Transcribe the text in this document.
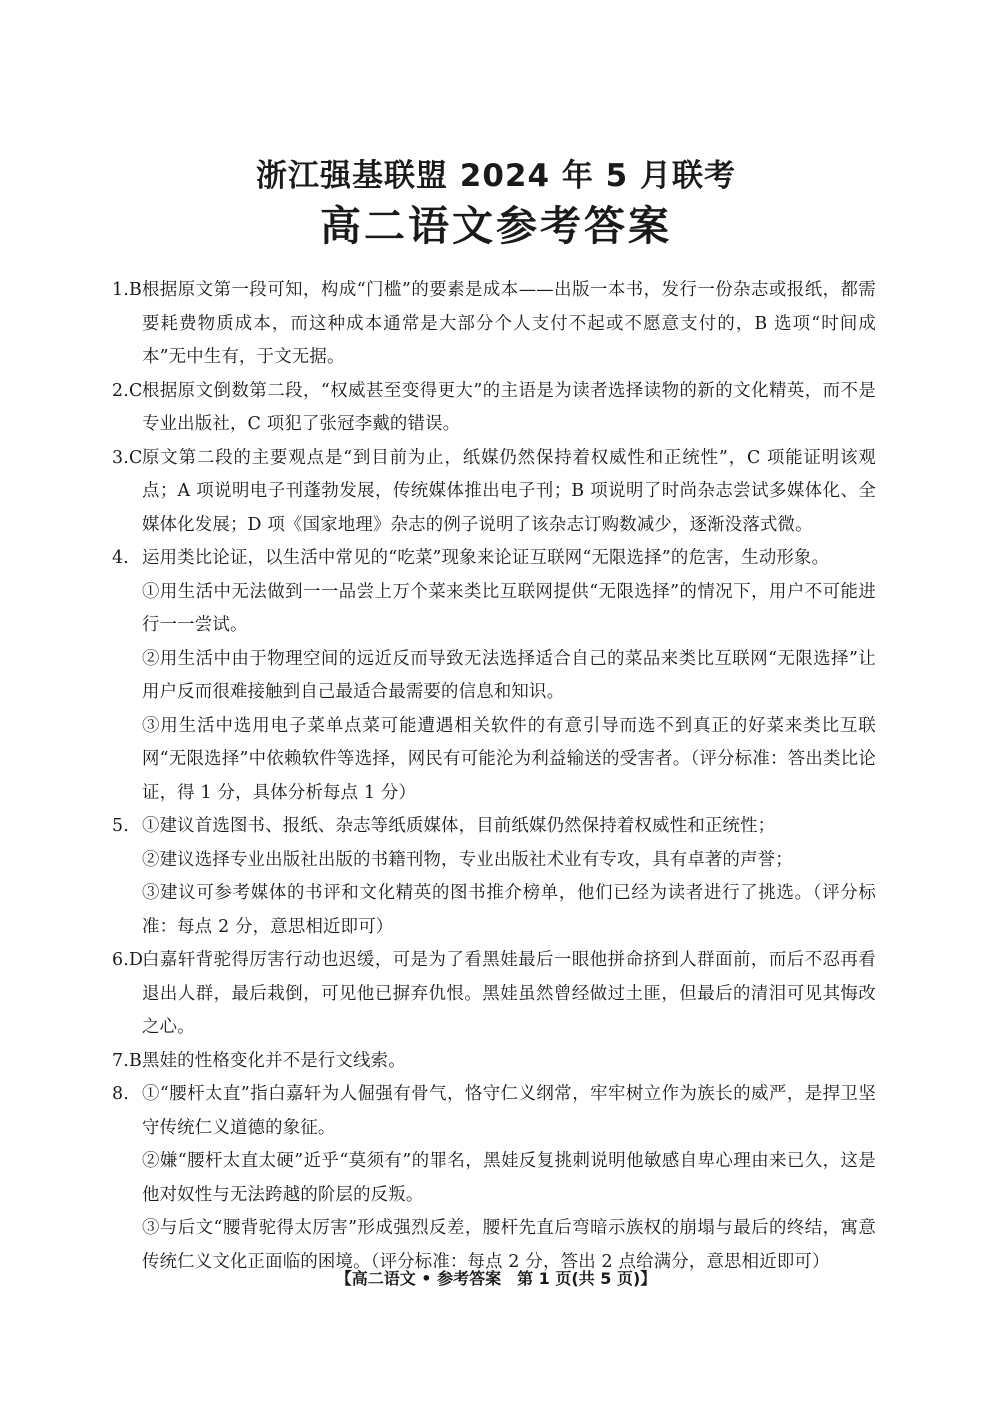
浙江强基联盟 2024 年 5 月联考
高二语文参考答案
1.B 根据原文第一段可知，构成“门槛”的要素是成本——出版一本书，发行一份杂志或报纸，都需要耗费物质成本，而这种成本通常是大部分个人支付不起或不愿意支付的，B 选项“时间成本”无中生有，于文无据。
2.C 根据原文倒数第二段，“权威甚至变得更大”的主语是为读者选择读物的新的文化精英，而不是专业出版社，C 项犯了张冠李戴的错误。
3.C 原文第二段的主要观点是“到目前为止，纸媒仍然保持着权威性和正统性”，C 项能证明该观点；A 项说明电子刊蓬勃发展，传统媒体推出电子刊；B 项说明了时尚杂志尝试多媒体化、全媒体化发展；D 项《国家地理》杂志的例子说明了该杂志订购数减少，逐渐没落式微。
4. 运用类比论证，以生活中常见的“吃菜”现象来论证互联网“无限选择”的危害，生动形象。
①用生活中无法做到一一品尝上万个菜来类比互联网提供“无限选择”的情况下，用户不可能进行一一尝试。
②用生活中由于物理空间的远近反而导致无法选择适合自己的菜品来类比互联网“无限选择”让用户反而很难接触到自己最适合最需要的信息和知识。
③用生活中选用电子菜单点菜可能遭遇相关软件的有意引导而选不到真正的好菜来类比互联网“无限选择”中依赖软件等选择，网民有可能沦为利益输送的受害者。（评分标准：答出类比论证，得 1 分，具体分析每点 1 分）
5. ①建议首选图书、报纸、杂志等纸质媒体，目前纸媒仍然保持着权威性和正统性；
②建议选择专业出版社出版的书籍刊物，专业出版社术业有专攻，具有卓著的声誉；
③建议可参考媒体的书评和文化精英的图书推介榜单，他们已经为读者进行了挑选。（评分标准：每点 2 分，意思相近即可）
6.D
白嘉轩背驼得厉害行动也迟缓，可是为了看黑娃最后一眼他拼命挤到人群面前，而后不忍再看退出人群，最后栽倒，可见他已摒弃仇恨。黑娃虽然曾经做过土匪，但最后的清泪可见其悔改之心。
7.B 黑娃的性格变化并不是行文线索。
8. ①“腰杆太直”指白嘉轩为人倔强有骨气，恪守仁义纲常，牢牢树立作为族长的威严，是捍卫坚守传统仁义道德的象征。
②嫌“腰杆太直太硬”近乎“莫须有”的罪名，黑娃反复挑刺说明他敏感自卑心理由来已久，这是他对奴性与无法跨越的阶层的反叛。
③与后文“腰背驼得太厉害”形成强烈反差，腰杆先直后弯暗示族权的崩塌与最后的终结，寓意传统仁义文化正面临的困境。（评分标准：每点 2 分，答出 2 点给满分，意思相近即可）
【高二语文 • 参考答案　第 1 页(共 5 页)】
